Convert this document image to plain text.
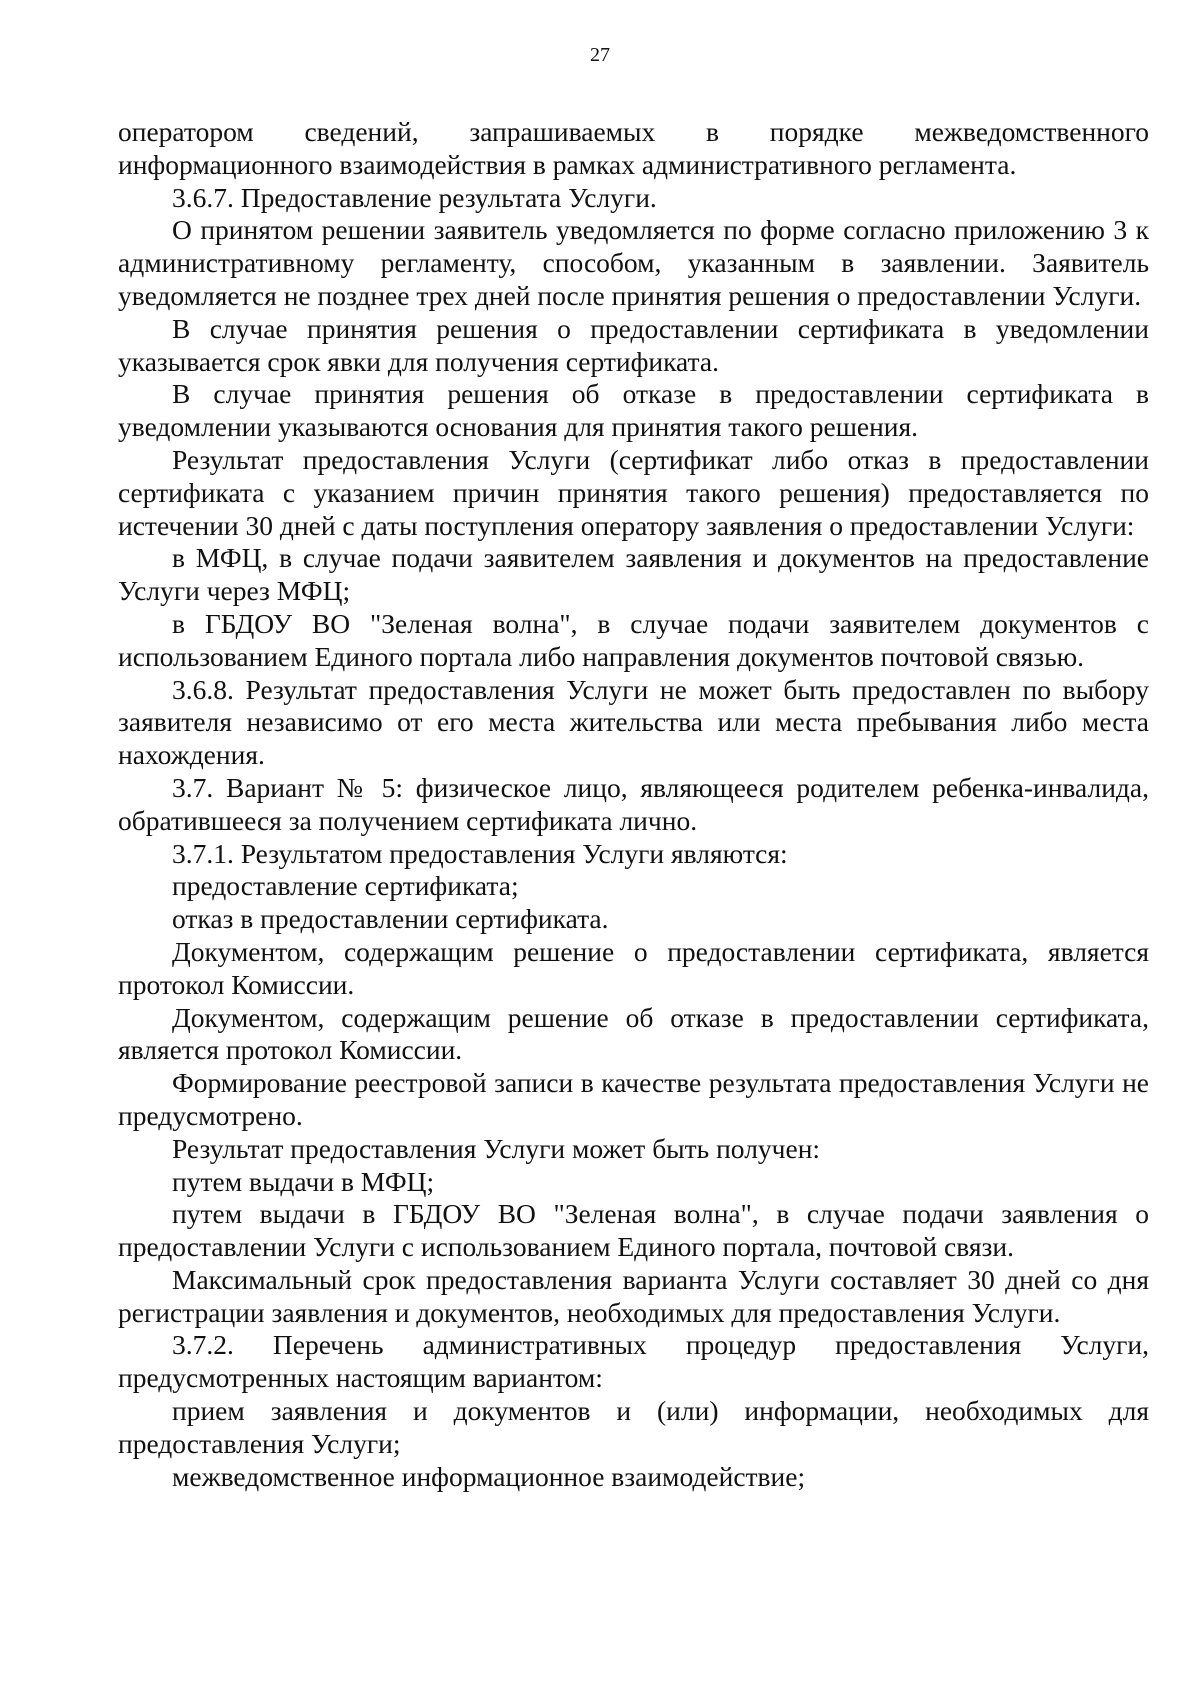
27

оператором сведений, запрашиваемых в порядке межведомственного информационного взаимодействия в рамках административного регламента.

3.6.7. Предоставление результата Услуги.

О принятом решении заявитель уведомляется по форме согласно приложению 3 к административному регламенту, способом, указанным в заявлении. Заявитель уведомляется не позднее трех дней после принятия решения о предоставлении Услуги.

В случае принятия решения о предоставлении сертификата в уведомлении указывается срок явки для получения сертификата.

В случае принятия решения об отказе в предоставлении сертификата в уведомлении указываются основания для принятия такого решения.

Результат предоставления Услуги (сертификат либо отказ в предоставлении сертификата с указанием причин принятия такого решения) предоставляется по истечении 30 дней с даты поступления оператору заявления о предоставлении Услуги:

в МФЦ, в случае подачи заявителем заявления и документов на предоставление Услуги через МФЦ;

в ГБДОУ ВО "Зеленая волна", в случае подачи заявителем документов с использованием Единого портала либо направления документов почтовой связью.

3.6.8. Результат предоставления Услуги не может быть предоставлен по выбору заявителя независимо от его места жительства или места пребывания либо места нахождения.

3.7. Вариант № 5: физическое лицо, являющееся родителем ребенка-инвалида, обратившееся за получением сертификата лично.

3.7.1. Результатом предоставления Услуги являются:

предоставление сертификата;

отказ в предоставлении сертификата.

Документом, содержащим решение о предоставлении сертификата, является протокол Комиссии.

Документом, содержащим решение об отказе в предоставлении сертификата, является протокол Комиссии.

Формирование реестровой записи в качестве результата предоставления Услуги не предусмотрено.

Результат предоставления Услуги может быть получен:

путем выдачи в МФЦ;

путем выдачи в ГБДОУ ВО "Зеленая волна", в случае подачи заявления о предоставлении Услуги с использованием Единого портала, почтовой связи.

Максимальный срок предоставления варианта Услуги составляет 30 дней со дня регистрации заявления и документов, необходимых для предоставления Услуги.

3.7.2. Перечень административных процедур предоставления Услуги, предусмотренных настоящим вариантом:

прием заявления и документов и (или) информации, необходимых для предоставления Услуги;

межведомственное информационное взаимодействие;
